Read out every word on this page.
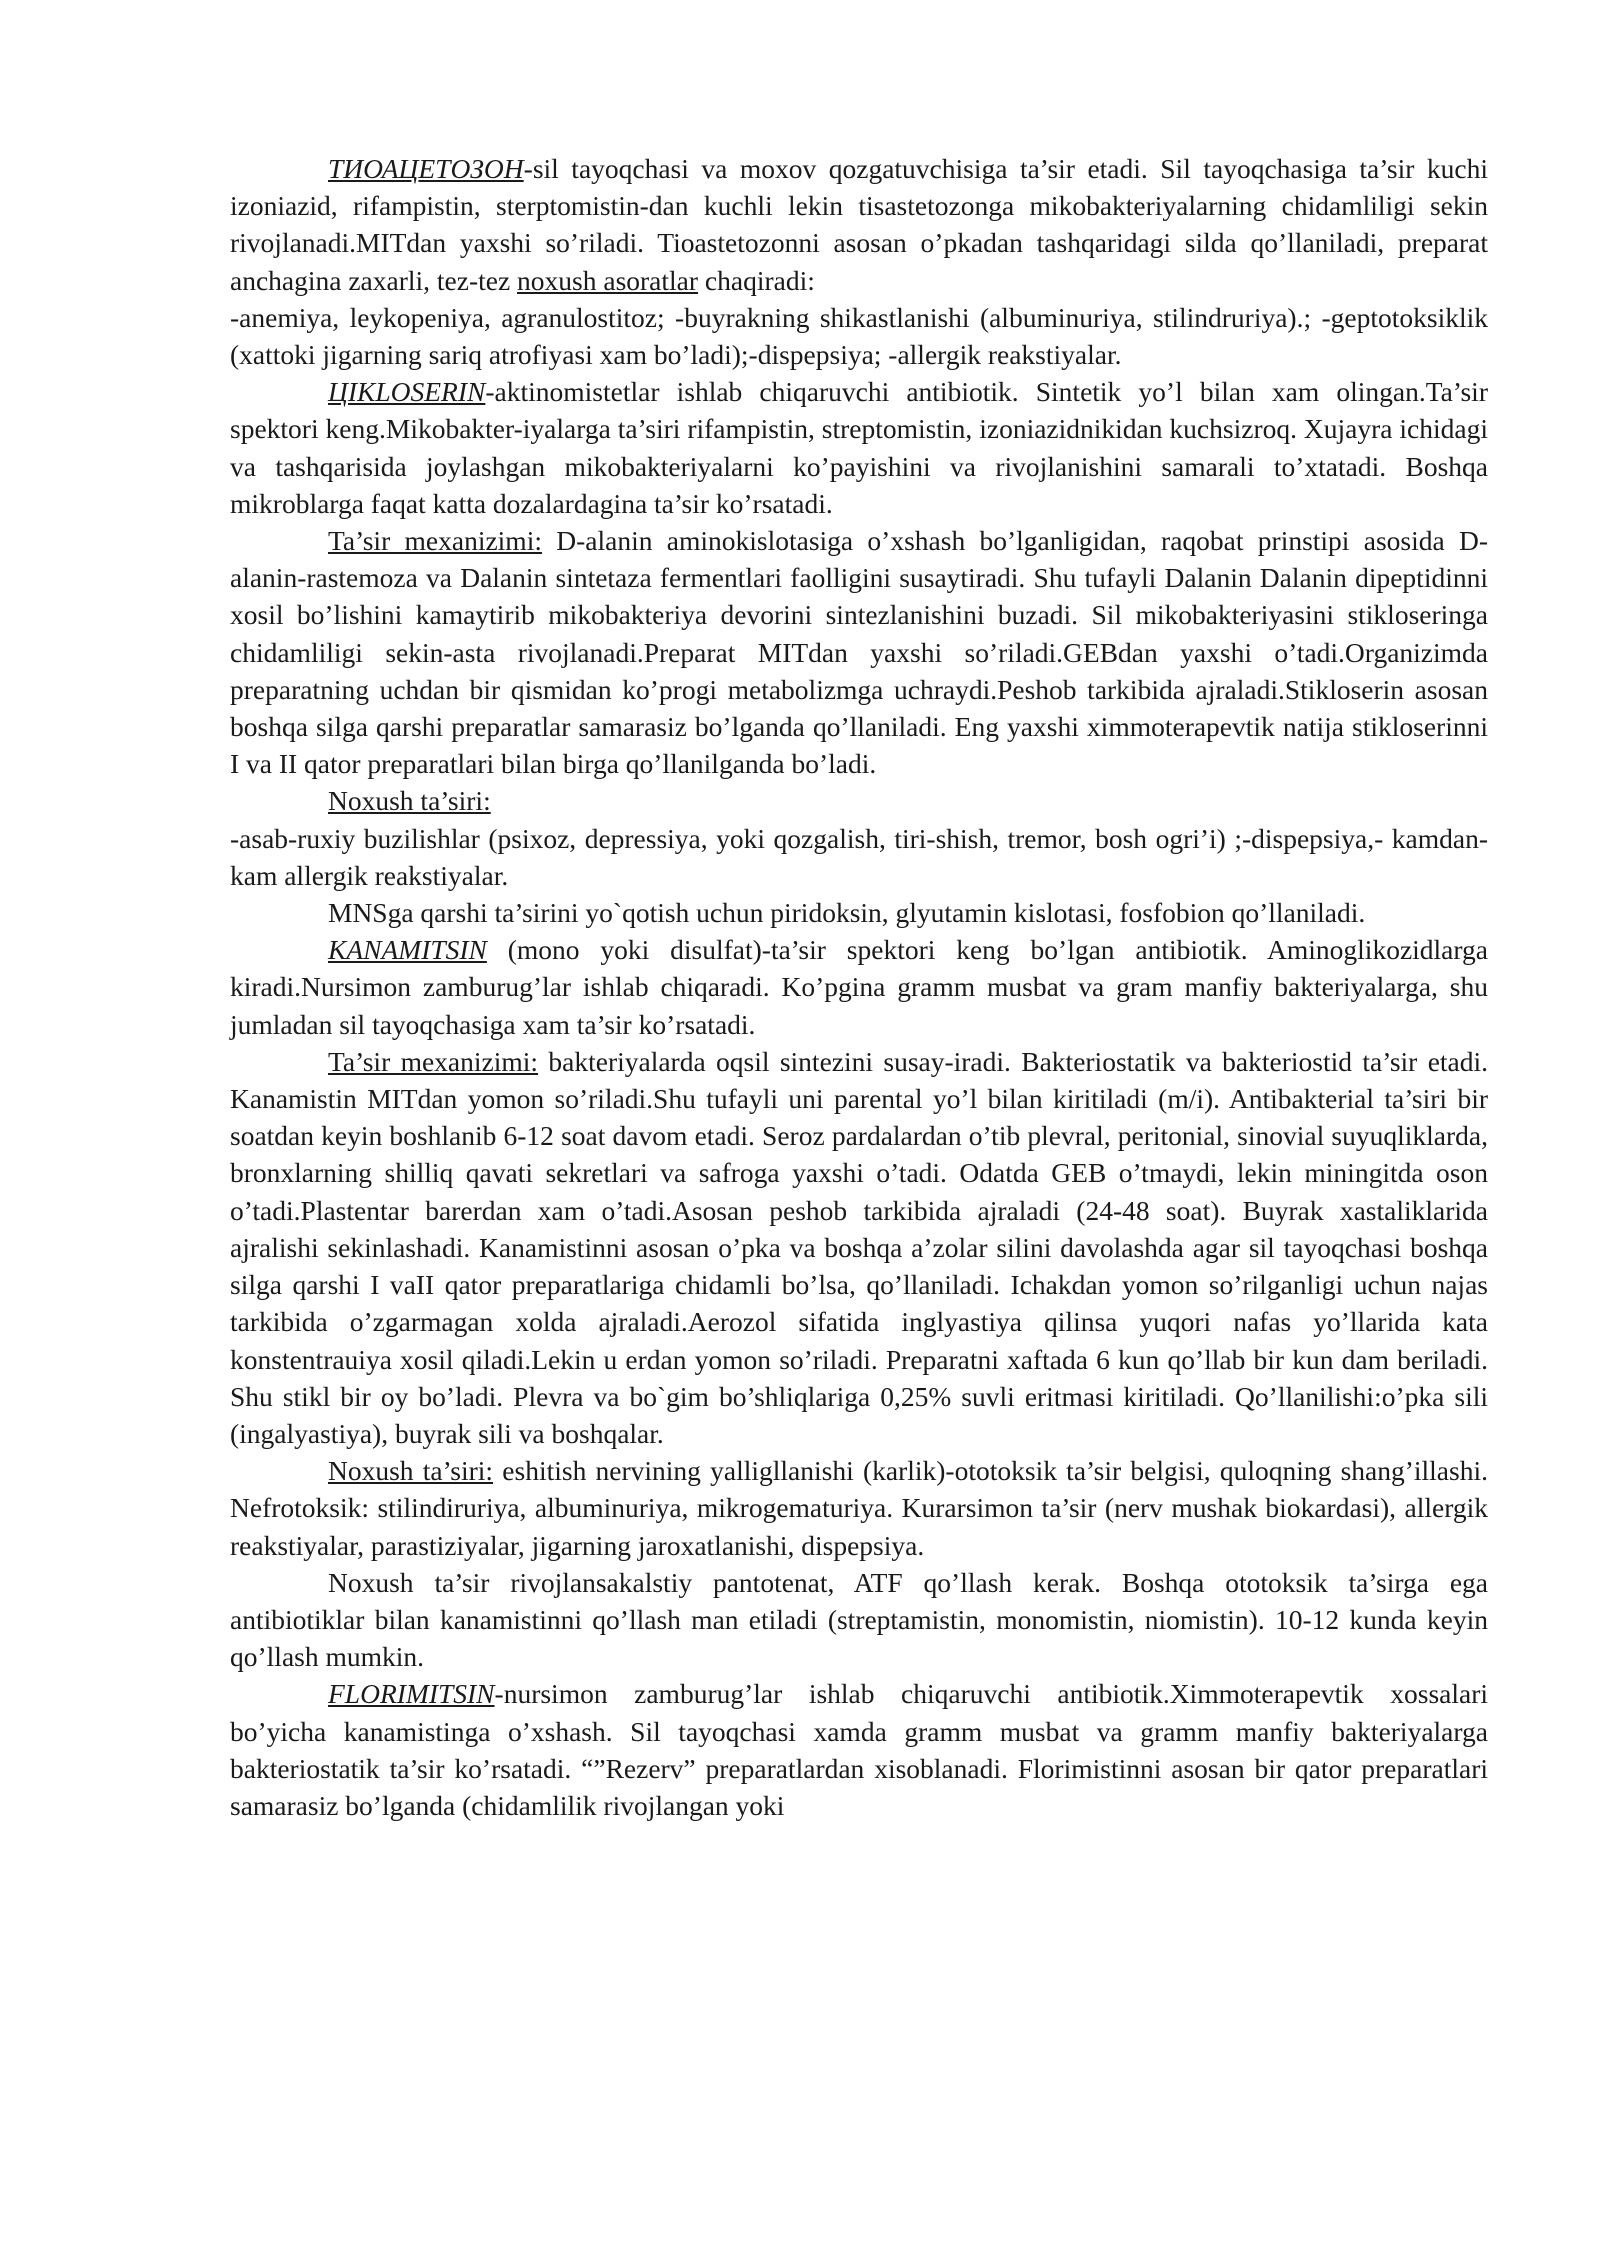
ТИОАЦЕТОЗОН-sil tayoqchasi va moxov qozgatuvchisiga ta’sir etadi. Sil tayoqchasiga ta’sir kuchi izoniazid, rifampistin, sterptomistin-dan kuchli lekin tisastetozonga mikobakteriyalarning chidamliligi sekin rivojlanadi.MITdan yaxshi so’riladi. Tioastetozonni asosan o’pkadan tashqaridagi silda qo’llaniladi, preparat anchagina zaxarli, tez-tez noxush asoratlar chaqiradi:

-anemiya, leykopeniya, agranulostitoz; -buyrakning shikastlanishi (albuminuriya, stilindruriya).; -geptotoksiklik (xattoki jigarning sariq atrofiyasi xam bo’ladi);-dispepsiya; -allergik reakstiyalar.

ЦIKLOSERIN-aktinomistetlar ishlab chiqaruvchi antibiotik. Sintetik yo’l bilan xam olingan.Ta’sir spektori keng.Mikobakter-iyalarga ta’siri rifampistin, streptomistin, izoniazidnikidan kuchsizroq. Xujayra ichidagi va tashqarisida joylashgan mikobakteriyalarni ko’payishini va rivojlanishini samarali to’xtatadi. Boshqa mikroblarga faqat katta dozalardagina ta’sir ko’rsatadi.

Ta’sir mexanizimi: D-alanin aminokislotasiga o’xshash bo’lganligidan, raqobat prinstipi asosida D-alanin-rastemoza va Dalanin sintetaza fermentlari faolligini susaytiradi. Shu tufayli Dalanin Dalanin dipeptidinni xosil bo’lishini kamaytirib mikobakteriya devorini sintezlanishini buzadi. Sil mikobakteriyasini stikloseringa chidamliligi sekin-asta rivojlanadi.Preparat MITdan yaxshi so’riladi.GEBdan yaxshi o’tadi.Organizimda preparatning uchdan bir qismidan ko’progi metabolizmga uchraydi.Peshob tarkibida ajraladi.Stikloserin asosan boshqa silga qarshi preparatlar samarasiz bo’lganda qo’llaniladi. Eng yaxshi ximmoterapevtik natija stikloserinni I va II qator preparatlari bilan birga qo’llanilganda bo’ladi.

Noxush ta’siri:

-asab-ruxiy buzilishlar (psixoz, depressiya, yoki qozgalish, tiri-shish, tremor, bosh ogri’i) ;-dispepsiya,- kamdan-kam allergik reakstiyalar.

MNSga qarshi ta’sirini yo`qotish uchun piridoksin, glyutamin kislotasi, fosfobion qo’llaniladi.

KANAMITSIN (mono yoki disulfat)-ta’sir spektori keng bo’lgan antibiotik. Aminoglikozidlarga kiradi.Nursimon zamburug’lar ishlab chiqaradi. Ko’pgina gramm musbat va gram manfiy bakteriyalarga, shu jumladan sil tayoqchasiga xam ta’sir ko’rsatadi.

Ta’sir mexanizimi: bakteriyalarda oqsil sintezini susay-iradi. Bakteriostatik va bakteriostid ta’sir etadi. Kanamistin MITdan yomon so’riladi.Shu tufayli uni parental yo’l bilan kiritiladi (m/i). Antibakterial ta’siri bir soatdan keyin boshlanib 6-12 soat davom etadi. Seroz pardalardan o’tib plevral, peritonial, sinovial suyuqliklarda, bronxlarning shilliq qavati sekretlari va safroga yaxshi o’tadi. Odatda GEB o’tmaydi, lekin miningitda oson o’tadi.Plastentar barerdan xam o’tadi.Asosan peshob tarkibida ajraladi (24-48 soat). Buyrak xastaliklarida ajralishi sekinlashadi. Kanamistinni asosan o’pka va boshqa a’zolar silini davolashda agar sil tayoqchasi boshqa silga qarshi I vaII qator preparatlariga chidamli bo’lsa, qo’llaniladi. Ichakdan yomon so’rilganligi uchun najas tarkibida o’zgarmagan xolda ajraladi.Aerozol sifatida inglyastiya qilinsa yuqori nafas yo’llarida kata konstentrauiya xosil qiladi.Lekin u erdan yomon so’riladi. Preparatni xaftada 6 kun qo’llab bir kun dam beriladi. Shu stikl bir oy bo’ladi. Plevra va bo`gim bo’shliqlariga 0,25% suvli eritmasi kiritiladi. Qo’llanilishi:o’pka sili (ingalyastiya), buyrak sili va boshqalar.

Noxush ta’siri: eshitish nervining yalligllanishi (karlik)-ototoksik ta’sir belgisi, quloqning shang’illashi. Nefrotoksik: stilindiruriya, albuminuriya, mikrogematuriya. Kurarsimon ta’sir (nerv mushak biokardasi), allergik reakstiyalar, parastiziyalar, jigarning jaroxatlanishi, dispepsiya.

Noxush ta’sir rivojlansakalstiy pantotenat, ATF qo’llash kerak. Boshqa ototoksik ta’sirga ega antibiotiklar bilan kanamistinni qo’llash man etiladi (streptamistin, monomistin, niomistin). 10-12 kunda keyin qo’llash mumkin.

FLORIMITSIN-nursimon zamburug’lar ishlab chiqaruvchi antibiotik.Ximmoterapevtik xossalari bo’yicha kanamistinga o’xshash. Sil tayoqchasi xamda gramm musbat va gramm manfiy bakteriyalarga bakteriostatik ta’sir ko’rsatadi. “”Rezerv” preparatlardan xisoblanadi. Florimistinni asosan bir qator preparatlari samarasiz bo’lganda (chidamlilik rivojlangan yoki
